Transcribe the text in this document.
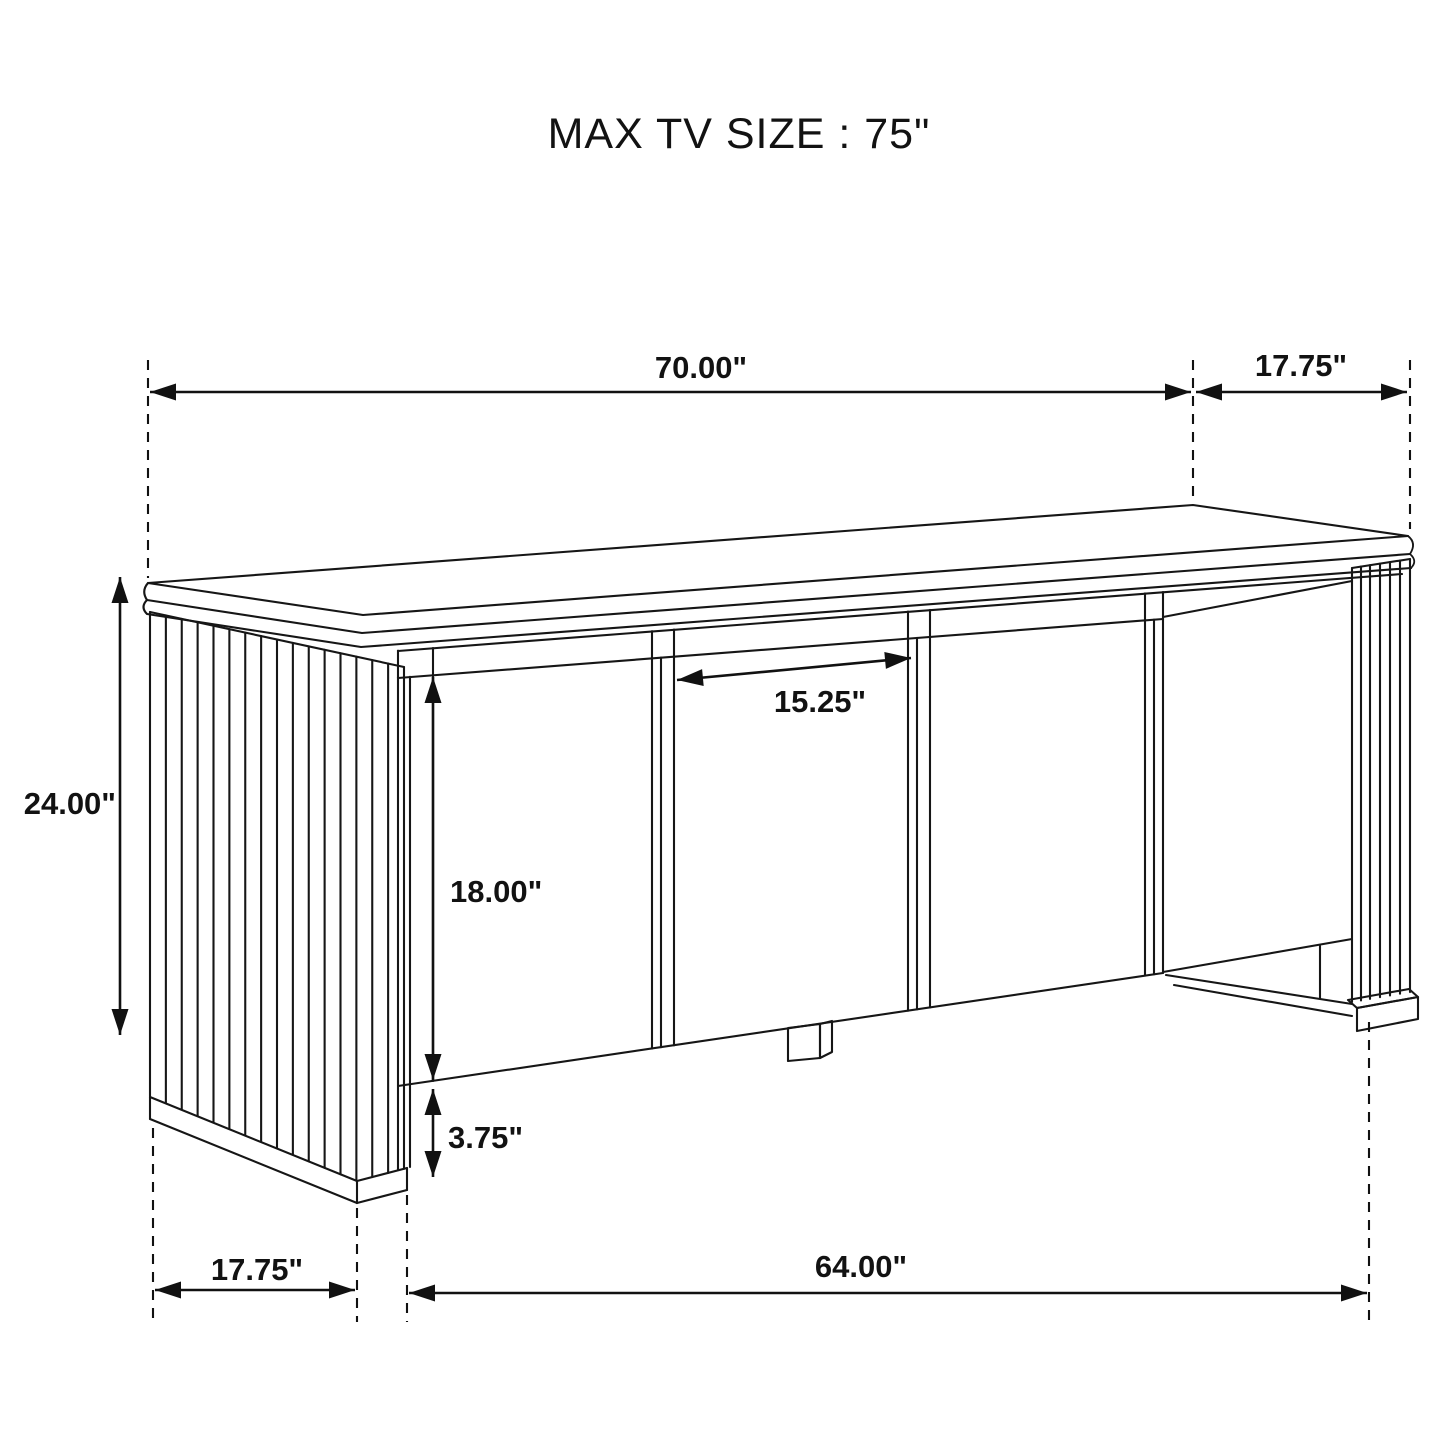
MAX TV SIZE : 75"
70.00"	17.75"
24.00"
18.00"
3.75"
15.25"
17.75"	64.00"
